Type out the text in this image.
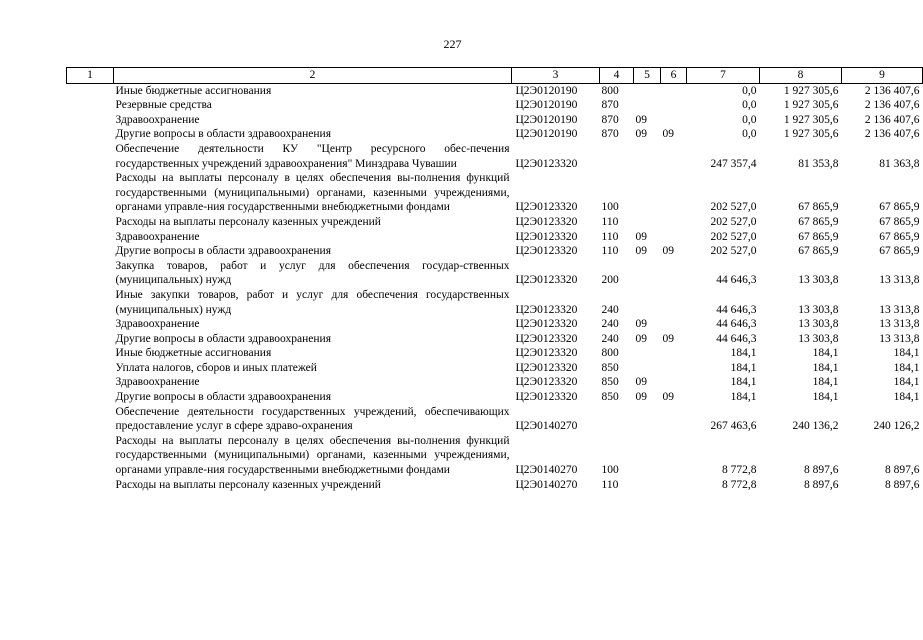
227
1	2	3	4	5	6	7	8	9
	Иные бюджетные ассигнования	Ц2Э0120190	800			0,0	1 927 305,6	2 136 407,6
	Резервные средства	Ц2Э0120190	870			0,0	1 927 305,6	2 136 407,6
	Здравоохранение	Ц2Э0120190	870	09		0,0	1 927 305,6	2 136 407,6
	Другие вопросы в области здравоохранения	Ц2Э0120190	870	09	09	0,0	1 927 305,6	2 136 407,6
	Обеспечение деятельности КУ "Центр ресурсного обес-печения государственных учреждений здравоохранения" Минздрава Чувашии	Ц2Э0123320				247 357,4	81 353,8	81 363,8
	Расходы на выплаты персоналу в целях обеспечения вы-полнения функций государственными (муниципальными) органами, казенными учреждениями, органами управле-ния государственными внебюджетными фондами	Ц2Э0123320	100			202 527,0	67 865,9	67 865,9
	Расходы на выплаты персоналу казенных учреждений	Ц2Э0123320	110			202 527,0	67 865,9	67 865,9
	Здравоохранение	Ц2Э0123320	110	09		202 527,0	67 865,9	67 865,9
	Другие вопросы в области здравоохранения	Ц2Э0123320	110	09	09	202 527,0	67 865,9	67 865,9
	Закупка товаров, работ и услуг для обеспечения государ-ственных (муниципальных) нужд	Ц2Э0123320	200			44 646,3	13 303,8	13 313,8
	Иные закупки товаров, работ и услуг для обеспечения государственных (муниципальных) нужд	Ц2Э0123320	240			44 646,3	13 303,8	13 313,8
	Здравоохранение	Ц2Э0123320	240	09		44 646,3	13 303,8	13 313,8
	Другие вопросы в области здравоохранения	Ц2Э0123320	240	09	09	44 646,3	13 303,8	13 313,8
	Иные бюджетные ассигнования	Ц2Э0123320	800			184,1	184,1	184,1
	Уплата налогов, сборов и иных платежей	Ц2Э0123320	850			184,1	184,1	184,1
	Здравоохранение	Ц2Э0123320	850	09		184,1	184,1	184,1
	Другие вопросы в области здравоохранения	Ц2Э0123320	850	09	09	184,1	184,1	184,1
	Обеспечение деятельности государственных учреждений, обеспечивающих предоставление услуг в сфере здраво-охранения	Ц2Э0140270				267 463,6	240 136,2	240 126,2
	Расходы на выплаты персоналу в целях обеспечения вы-полнения функций государственными (муниципальными) органами, казенными учреждениями, органами управле-ния государственными внебюджетными фондами	Ц2Э0140270	100			8 772,8	8 897,6	8 897,6
	Расходы на выплаты персоналу казенных учреждений	Ц2Э0140270	110			8 772,8	8 897,6	8 897,6
